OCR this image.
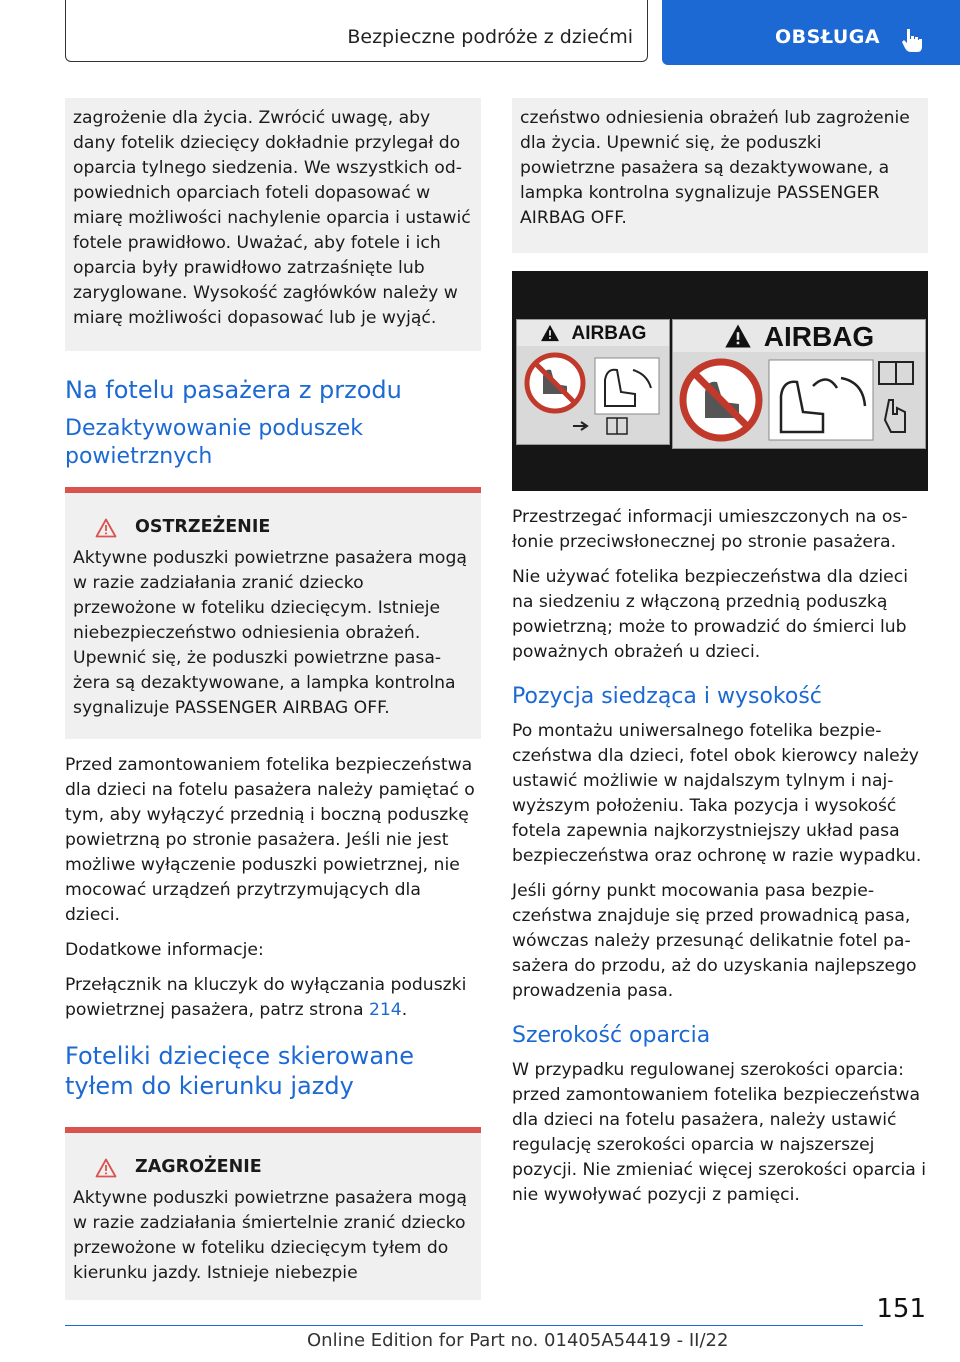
Bezpieczne podróże z dziećmi	OBSŁUGA

zagrożenie dla życia. Zwrócić uwagę, aby dany fotelik dziecięcy dokładnie przylegał do oparcia tylnego siedzenia. We wszystkich odpowiednich oparciach foteli dopasować w miarę możliwości nachylenie oparcia i ustawić fotele prawidłowo. Uważać, aby fotele i ich oparcia były prawidłowo zatrzaśnięte lub zaryglowane. Wysokość zagłówków należy w miarę możliwości dopasować lub je wyjąć.

Na fotelu pasażera z przodu
Dezaktywowanie poduszek powietrznych
OSTRZEŻENIE

Aktywne poduszki powietrzne pasażera mogą w razie zadziałania zranić dziecko przewożone w foteliku dziecięcym. Istnieje niebezpieczeństwo odniesienia obrażeń. Upewnić się, że poduszki powietrzne pasażera są dezaktywowane, a lampka kontrolna sygnalizuje PASSENGER AIRBAG OFF.

Przed zamontowaniem fotelika bezpieczeństwa dla dzieci na fotelu pasażera należy pamiętać o tym, aby wyłączyć przednią i boczną poduszkę powietrzną po stronie pasażera. Jeśli nie jest możliwe wyłączenie poduszki powietrznej, nie mocować urządzeń przytrzymujących dla dzieci.

Dodatkowe informacje:

Przełącznik na kluczyk do wyłączania poduszki powietrznej pasażera, patrz strona 214.

Foteliki dziecięce skierowane tyłem do kierunku jazdy
ZAGROŻENIE

Aktywne poduszki powietrzne pasażera mogą w razie zadziałania śmiertelnie zranić dziecko przewożone w foteliku dziecięcym tyłem do kierunku jazdy. Istnieje niebezpie

czeństwo odniesienia obrażeń lub zagrożenie dla życia. Upewnić się, że poduszki powietrzne pasażera są dezaktywowane, a lampka kontrolna sygnalizuje PASSENGER AIRBAG OFF.

AIRBAG	AIRBAG

Przestrzegać informacji umieszczonych na osłonie przeciwsłonecznej po stronie pasażera.

Nie używać fotelika bezpieczeństwa dla dzieci na siedzeniu z włączoną przednią poduszką powietrzną; może to prowadzić do śmierci lub poważnych obrażeń u dzieci.

Pozycja siedząca i wysokość

Po montażu uniwersalnego fotelika bezpieczeństwa dla dzieci, fotel obok kierowcy należy ustawić możliwie w najdalszym tylnym i najwyższym położeniu. Taka pozycja i wysokość fotela zapewnia najkorzystniejszy układ pasa bezpieczeństwa oraz ochronę w razie wypadku.

Jeśli górny punkt mocowania pasa bezpieczeństwa znajduje się przed prowadnicą pasa, wówczas należy przesunąć delikatnie fotel pasażera do przodu, aż do uzyskania najlepszego prowadzenia pasa.

Szerokość oparcia

W przypadku regulowanej szerokości oparcia: przed zamontowaniem fotelika bezpieczeństwa dla dzieci na fotelu pasażera, należy ustawić regulację szerokości oparcia w najszerszej pozycji. Nie zmieniać więcej szerokości oparcia i nie wywoływać pozycji z pamięci.

151
Online Edition for Part no. 01405A54419 - II/22
